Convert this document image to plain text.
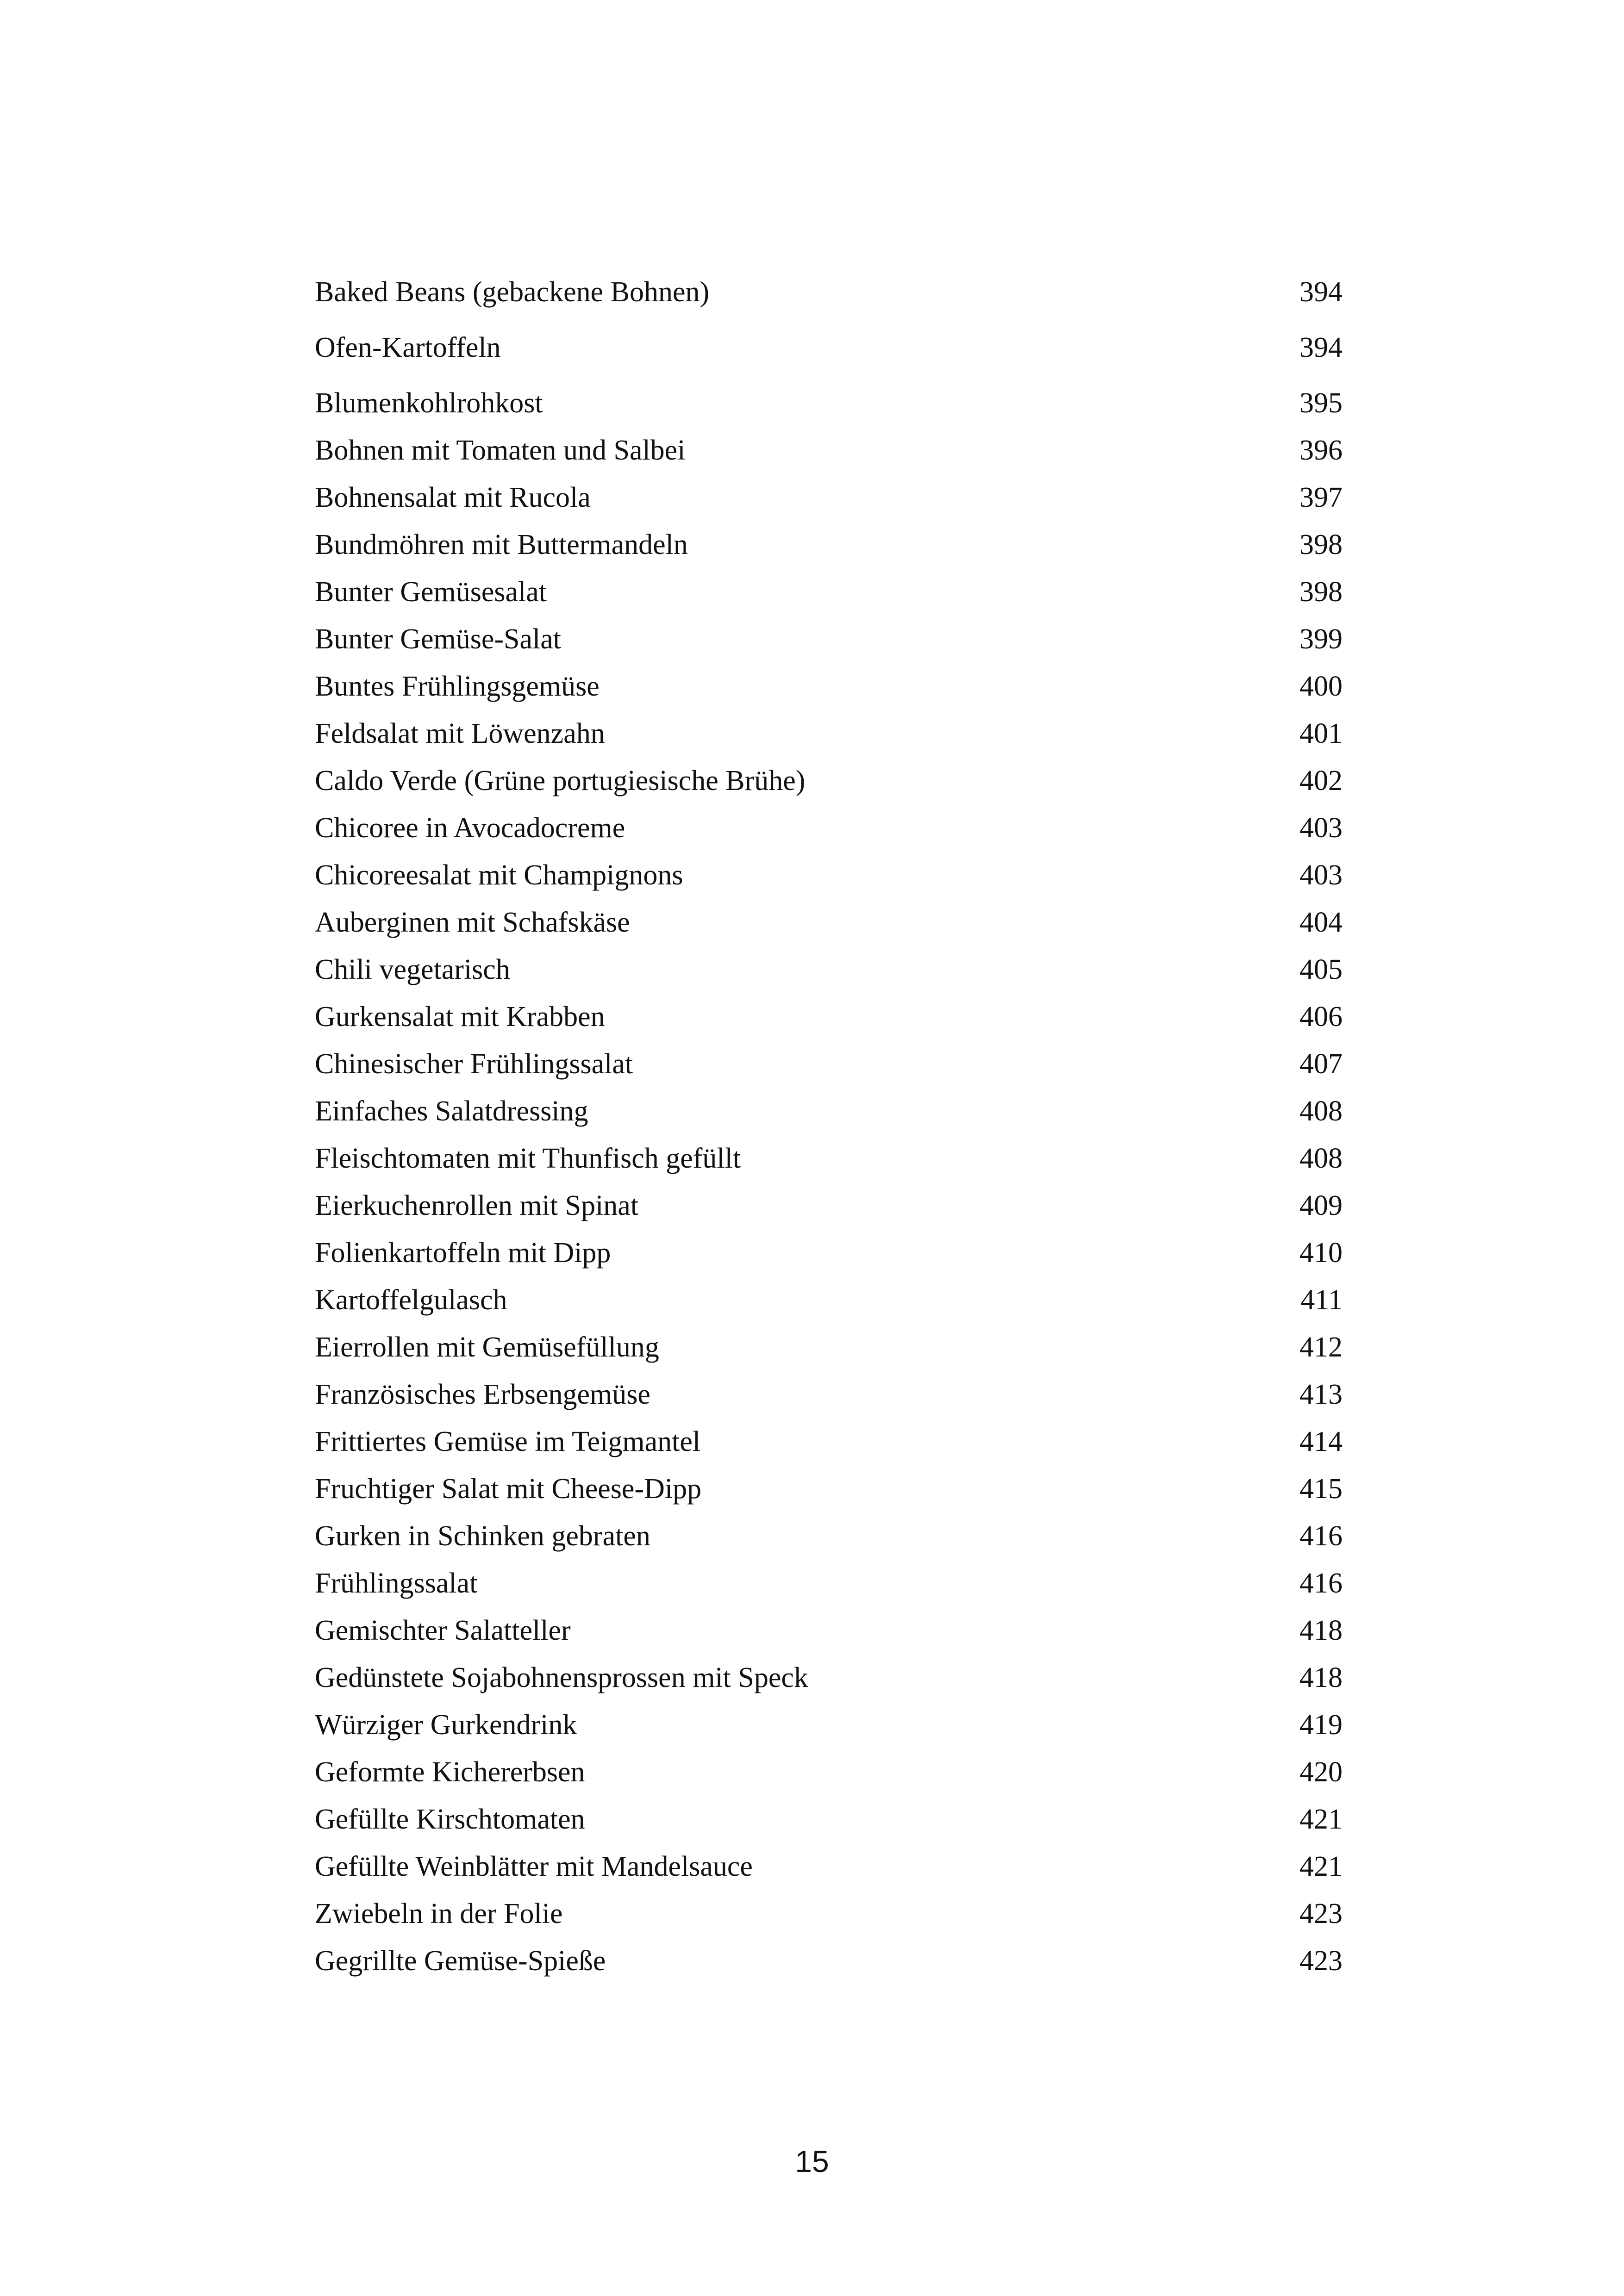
Baked Beans (gebackene Bohnen)	394
Ofen-Kartoffeln	394
Blumenkohlrohkost	395
Bohnen mit Tomaten und Salbei	396
Bohnensalat mit Rucola	397
Bundmöhren mit Buttermandeln	398
Bunter Gemüsesalat	398
Bunter Gemüse-Salat	399
Buntes Frühlingsgemüse	400
Feldsalat mit Löwenzahn	401
Caldo Verde (Grüne portugiesische Brühe)	402
Chicoree in Avocadocreme	403
Chicoreesalat mit Champignons	403
Auberginen mit Schafskäse	404
Chili vegetarisch	405
Gurkensalat mit Krabben	406
Chinesischer Frühlingssalat	407
Einfaches Salatdressing	408
Fleischtomaten mit Thunfisch gefüllt	408
Eierkuchenrollen mit Spinat	409
Folienkartoffeln mit Dipp	410
Kartoffelgulasch	411
Eierrollen mit Gemüsefüllung	412
Französisches Erbsengemüse	413
Frittiertes Gemüse im Teigmantel	414
Fruchtiger Salat mit Cheese-Dipp	415
Gurken in Schinken gebraten	416
Frühlingssalat	416
Gemischter Salatteller	418
Gedünstete Sojabohnensprossen mit Speck	418
Würziger Gurkendrink	419
Geformte Kichererbsen	420
Gefüllte Kirschtomaten	421
Gefüllte Weinblätter mit Mandelsauce	421
Zwiebeln in der Folie	423
Gegrillte Gemüse-Spieße	423
15
